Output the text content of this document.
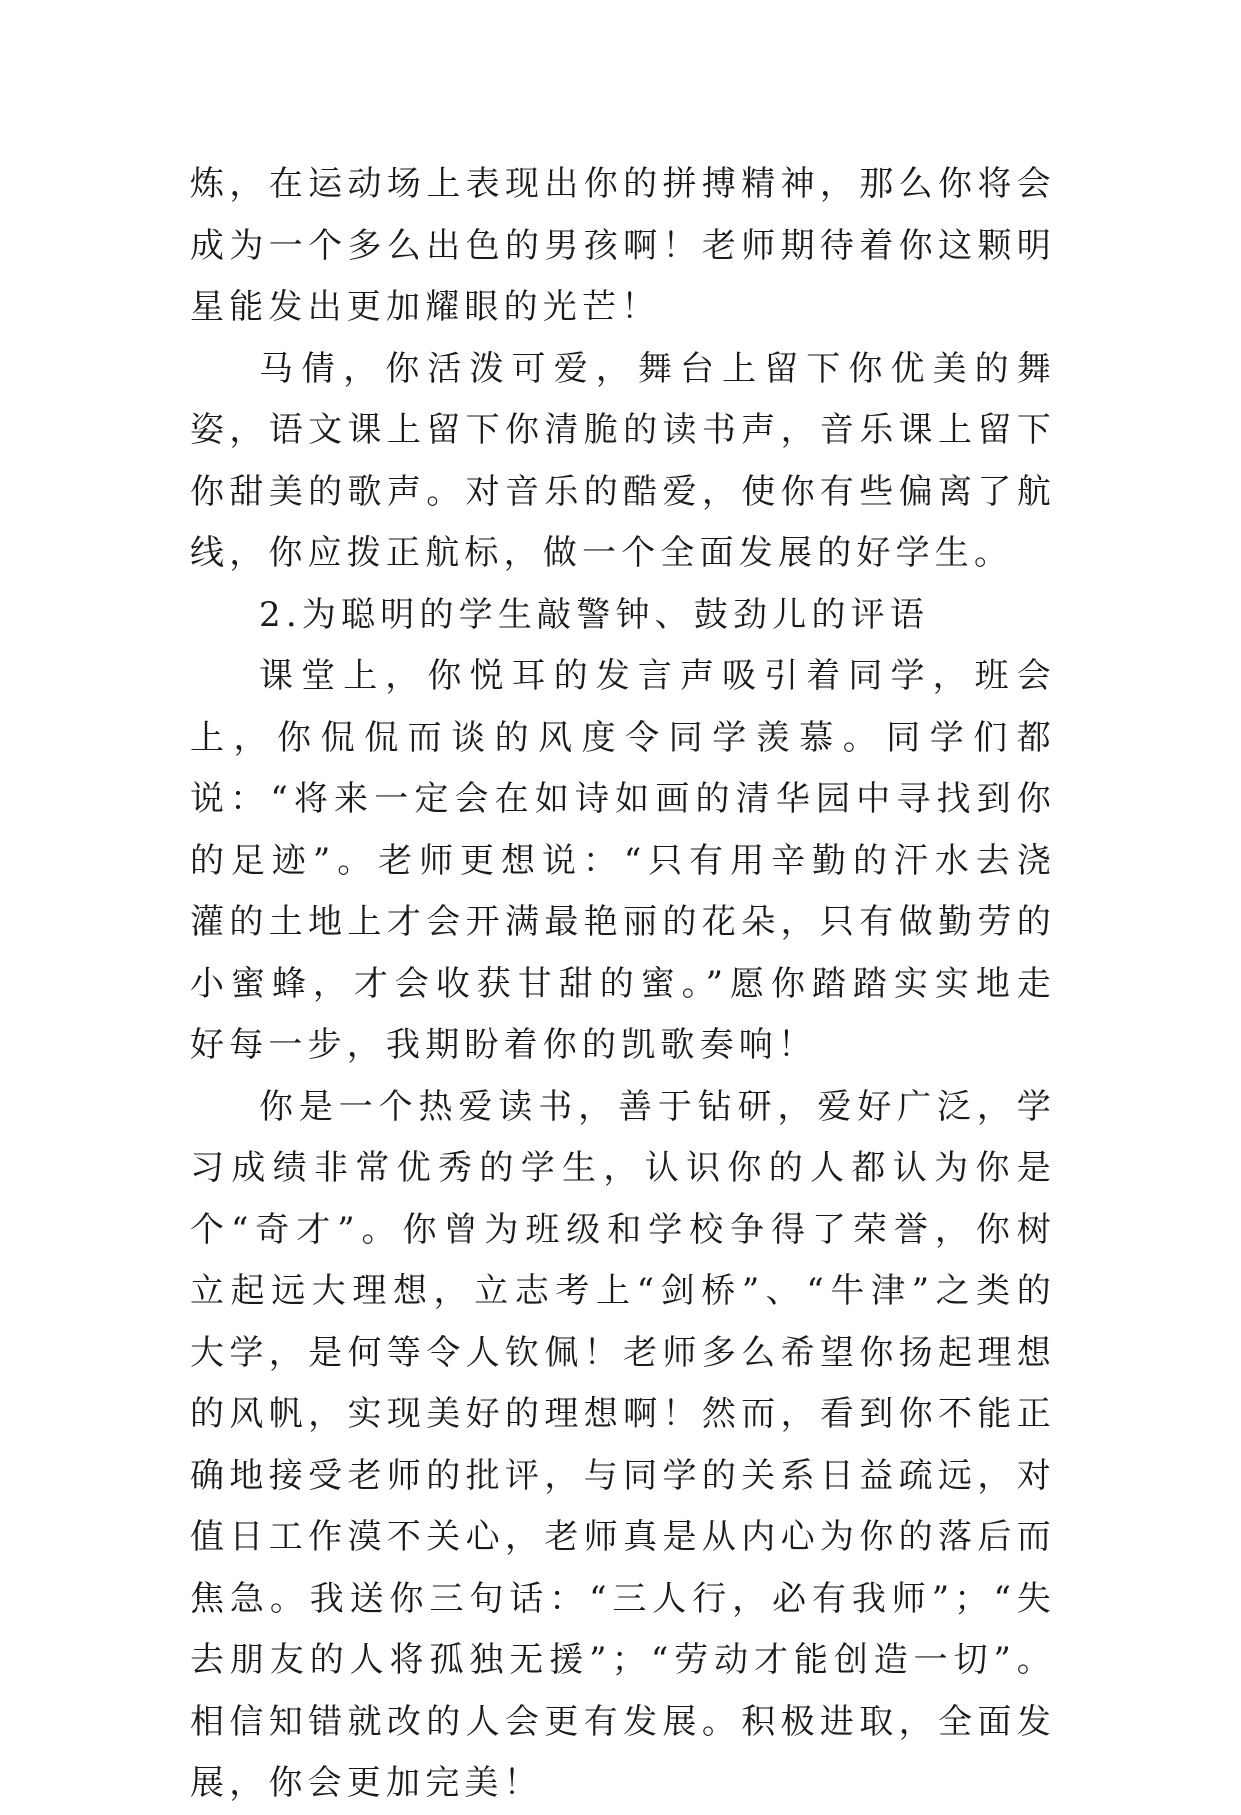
炼，在运动场上表现出你的拼搏精神，那么你将会成为一个多么出色的男孩啊！老师期待着你这颗明星能发出更加耀眼的光芒！

马倩，你活泼可爱，舞台上留下你优美的舞姿，语文课上留下你清脆的读书声，音乐课上留下你甜美的歌声。对音乐的酷爱，使你有些偏离了航线，你应拨正航标，做一个全面发展的好学生。

2.为聪明的学生敲警钟、鼓劲儿的评语

课堂上，你悦耳的发言声吸引着同学，班会上，你侃侃而谈的风度令同学羡慕。同学们都说：“将来一定会在如诗如画的清华园中寻找到你的足迹”。老师更想说：“只有用辛勤的汗水去浇灌的土地上才会开满最艳丽的花朵，只有做勤劳的小蜜蜂，才会收获甘甜的蜜。”愿你踏踏实实地走好每一步，我期盼着你的凯歌奏响！

你是一个热爱读书，善于钻研，爱好广泛，学习成绩非常优秀的学生，认识你的人都认为你是个“奇才”。你曾为班级和学校争得了荣誉，你树立起远大理想，立志考上“剑桥”、“牛津”之类的大学，是何等令人钦佩！老师多么希望你扬起理想的风帆，实现美好的理想啊！然而，看到你不能正确地接受老师的批评，与同学的关系日益疏远，对值日工作漠不关心，老师真是从内心为你的落后而焦急。我送你三句话：“三人行，必有我师”；“失去朋友的人将孤独无援”；“劳动才能创造一切”。相信知错就改的人会更有发展。积极进取，全面发展，你会更加完美！
